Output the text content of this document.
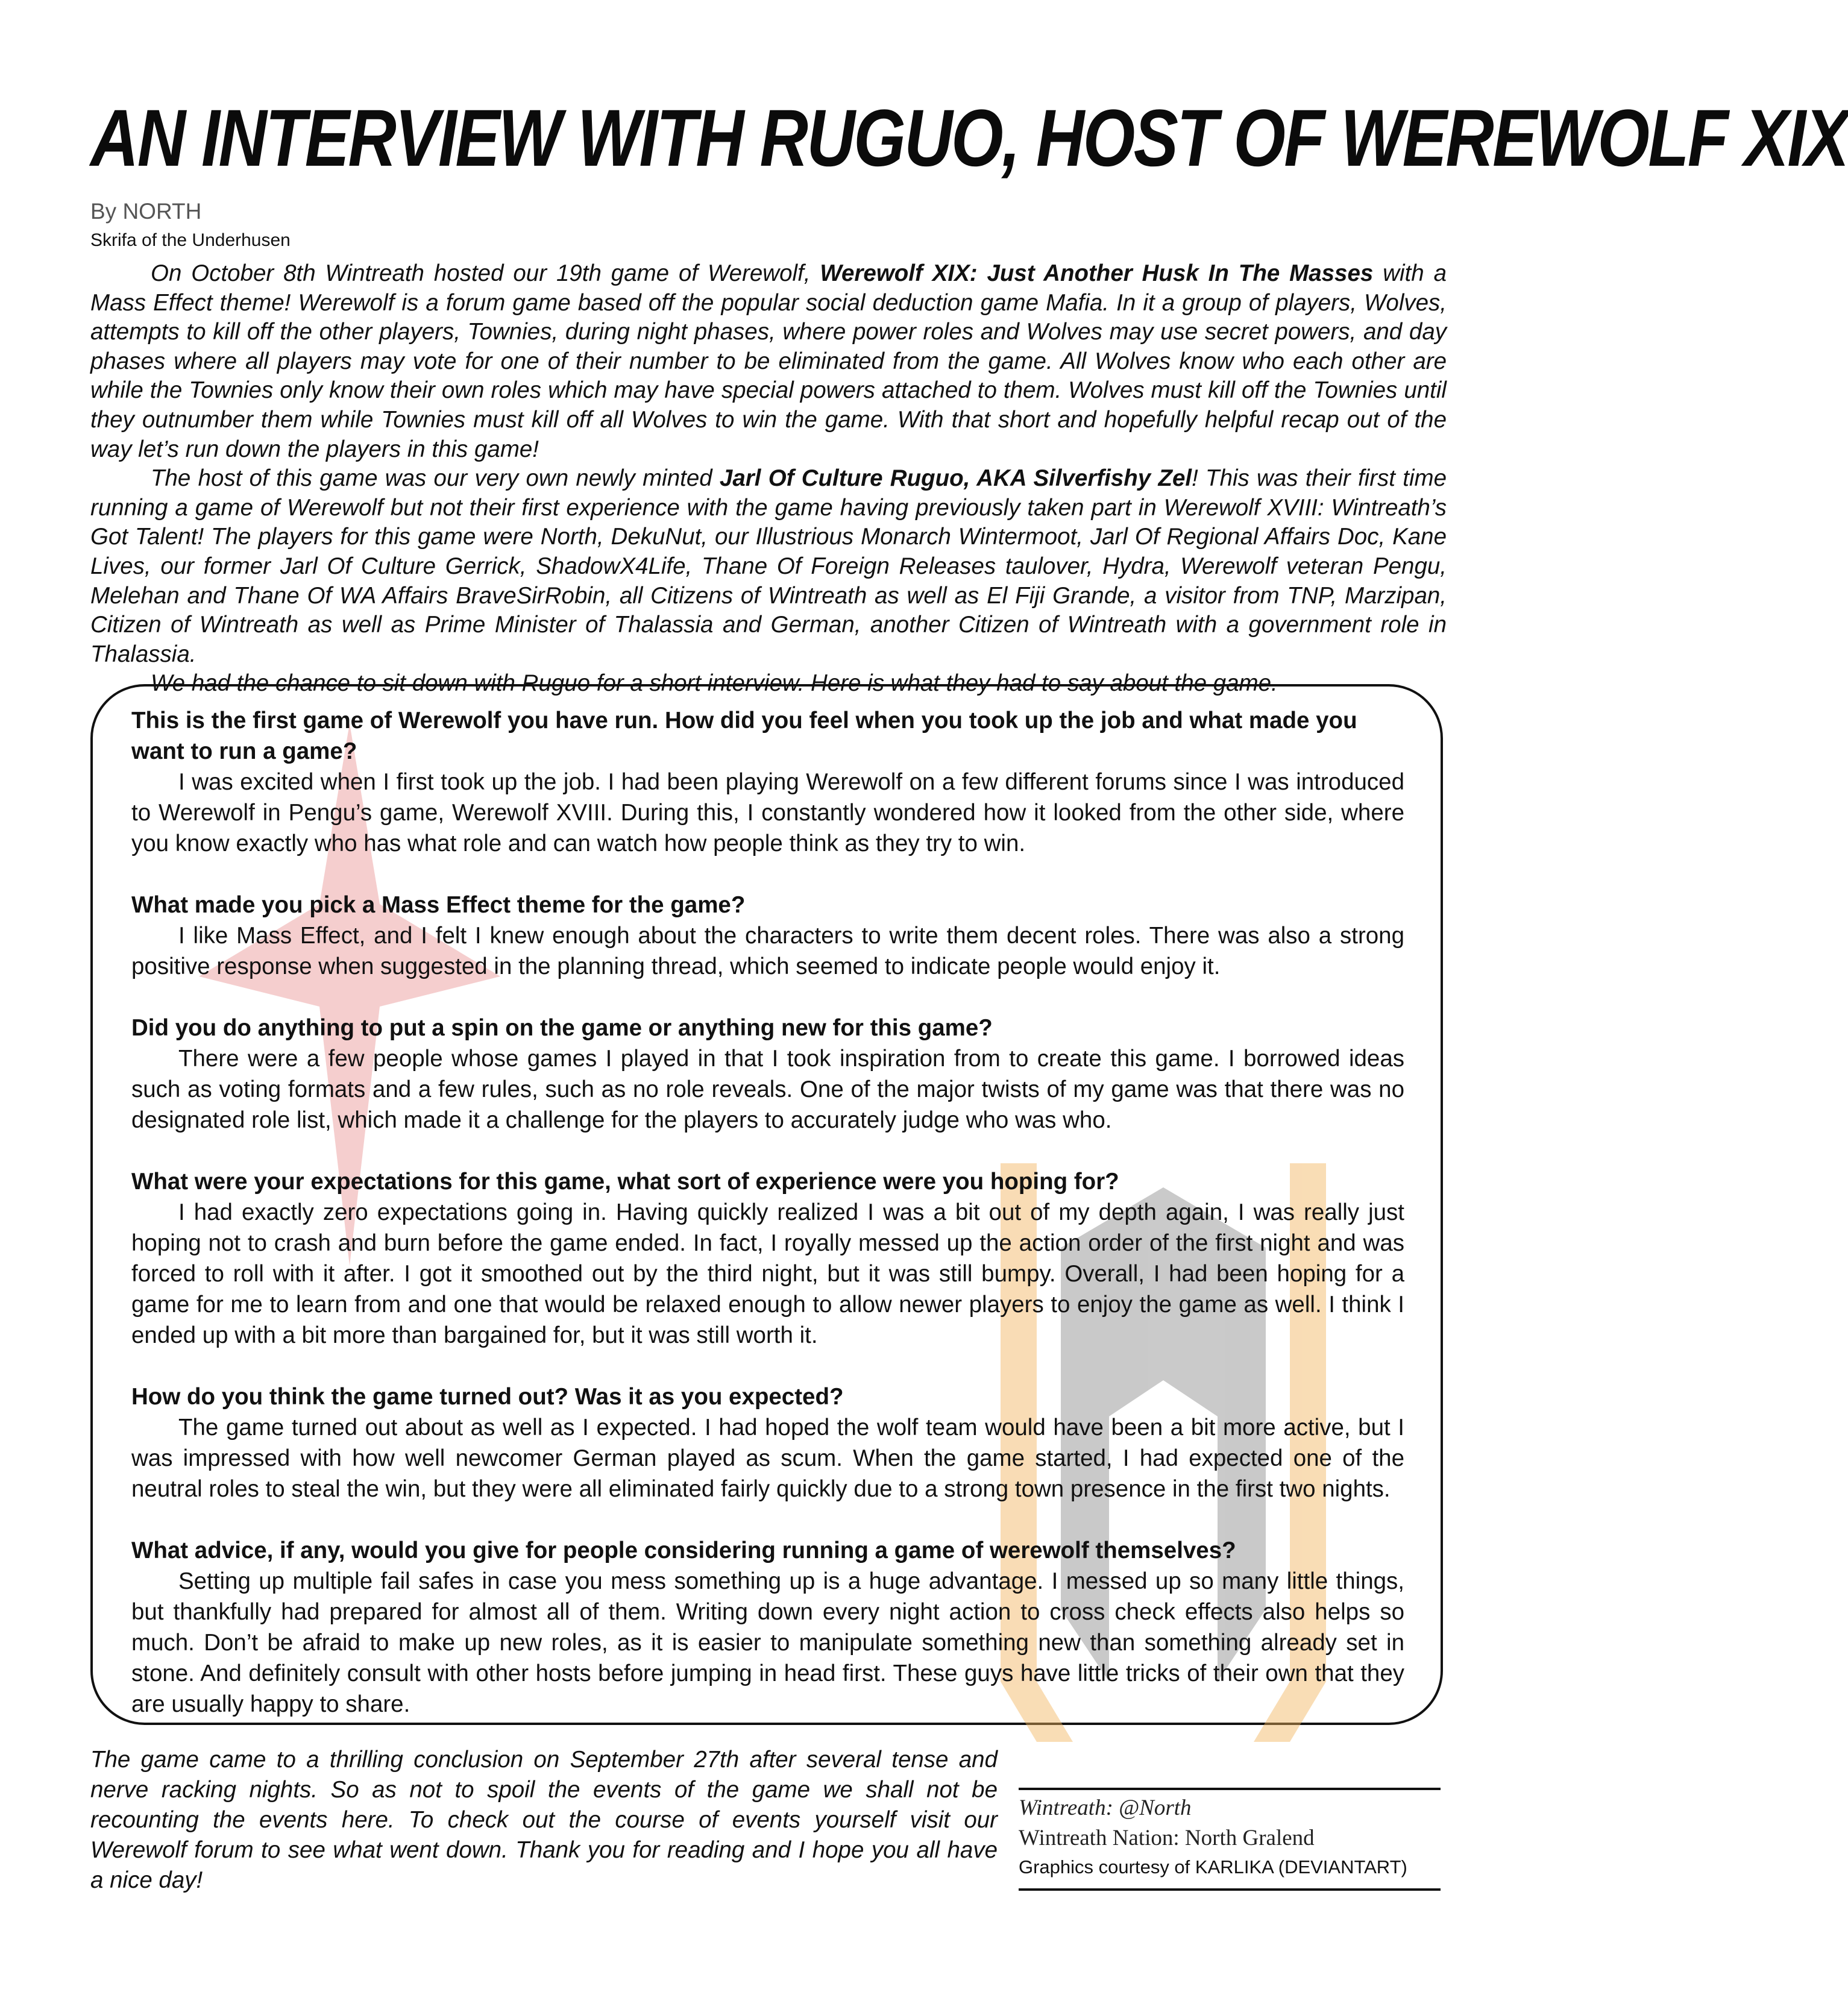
AN INTERVIEW WITH RUGUO, HOST OF WEREWOLF XIX
By NORTH
Skrifa of the Underhusen

On October 8th Wintreath hosted our 19th game of Werewolf, Werewolf XIX: Just Another Husk In The Masses with a Mass Effect theme! Werewolf is a forum game based off the popular social deduction game Mafia. In it a group of players, Wolves, attempts to kill off the other players, Townies, during night phases, where power roles and Wolves may use secret powers, and day phases where all players may vote for one of their number to be eliminated from the game. All Wolves know who each other are while the Townies only know their own roles which may have special powers attached to them. Wolves must kill off the Townies until they outnumber them while Townies must kill off all Wolves to win the game. With that short and hopefully helpful recap out of the way let’s run down the players in this game!

The host of this game was our very own newly minted Jarl Of Culture Ruguo, AKA Silverfishy Zel! This was their first time running a game of Werewolf but not their first experience with the game having previously taken part in Werewolf XVIII: Wintreath’s Got Talent! The players for this game were North, DekuNut, our Illustrious Monarch Wintermoot, Jarl Of Regional Affairs Doc, Kane Lives, our former Jarl Of Culture Gerrick, ShadowX4Life, Thane Of Foreign Releases taulover, Hydra, Werewolf veteran Pengu, Melehan and Thane Of WA Affairs BraveSirRobin, all Citizens of Wintreath as well as El Fiji Grande, a visitor from TNP, Marzipan, Citizen of Wintreath as well as Prime Minister of Thalassia and German, another Citizen of Wintreath with a government role in Thalassia.

We had the chance to sit down with Ruguo for a short interview. Here is what they had to say about the game.

This is the first game of Werewolf you have run. How did you feel when you took up the job and what made you want to run a game?

I was excited when I first took up the job. I had been playing Werewolf on a few different forums since I was introduced to Werewolf in Pengu’s game, Werewolf XVIII. During this, I constantly wondered how it looked from the other side, where you know exactly who has what role and can watch how people think as they try to win.

What made you pick a Mass Effect theme for the game?

I like Mass Effect, and I felt I knew enough about the characters to write them decent roles. There was also a strong positive response when suggested in the planning thread, which seemed to indicate people would enjoy it.

Did you do anything to put a spin on the game or anything new for this game?

There were a few people whose games I played in that I took inspiration from to create this game. I borrowed ideas such as voting formats and a few rules, such as no role reveals. One of the major twists of my game was that there was no designated role list, which made it a challenge for the players to accurately judge who was who.

What were your expectations for this game, what sort of experience were you hoping for?

I had exactly zero expectations going in. Having quickly realized I was a bit out of my depth again, I was really just hoping not to crash and burn before the game ended. In fact, I royally messed up the action order of the first night and was forced to roll with it after. I got it smoothed out by the third night, but it was still bumpy. Overall, I had been hoping for a game for me to learn from and one that would be relaxed enough to allow newer players to enjoy the game as well. I think I ended up with a bit more than bargained for, but it was still worth it.

How do you think the game turned out? Was it as you expected?

The game turned out about as well as I expected. I had hoped the wolf team would have been a bit more active, but I was impressed with how well newcomer German played as scum. When the game started, I had expected one of the neutral roles to steal the win, but they were all eliminated fairly quickly due to a strong town presence in the first two nights.

What advice, if any, would you give for people considering running a game of werewolf themselves?

Setting up multiple fail safes in case you mess something up is a huge advantage. I messed up so many little things, but thankfully had prepared for almost all of them. Writing down every night action to cross check effects also helps so much. Don’t be afraid to make up new roles, as it is easier to manipulate something new than something already set in stone. And definitely consult with other hosts before jumping in head first. These guys have little tricks of their own that they are usually happy to share.

The game came to a thrilling conclusion on September 27th after several tense and nerve racking nights. So as not to spoil the events of the game we shall not be recounting the events here. To check out the course of events yourself visit our Werewolf forum to see what went down. Thank you for reading and I hope you all have a nice day!

Wintreath: @North
Wintreath Nation: North Gralend
Graphics courtesy of KARLIKA (DEVIANTART)
